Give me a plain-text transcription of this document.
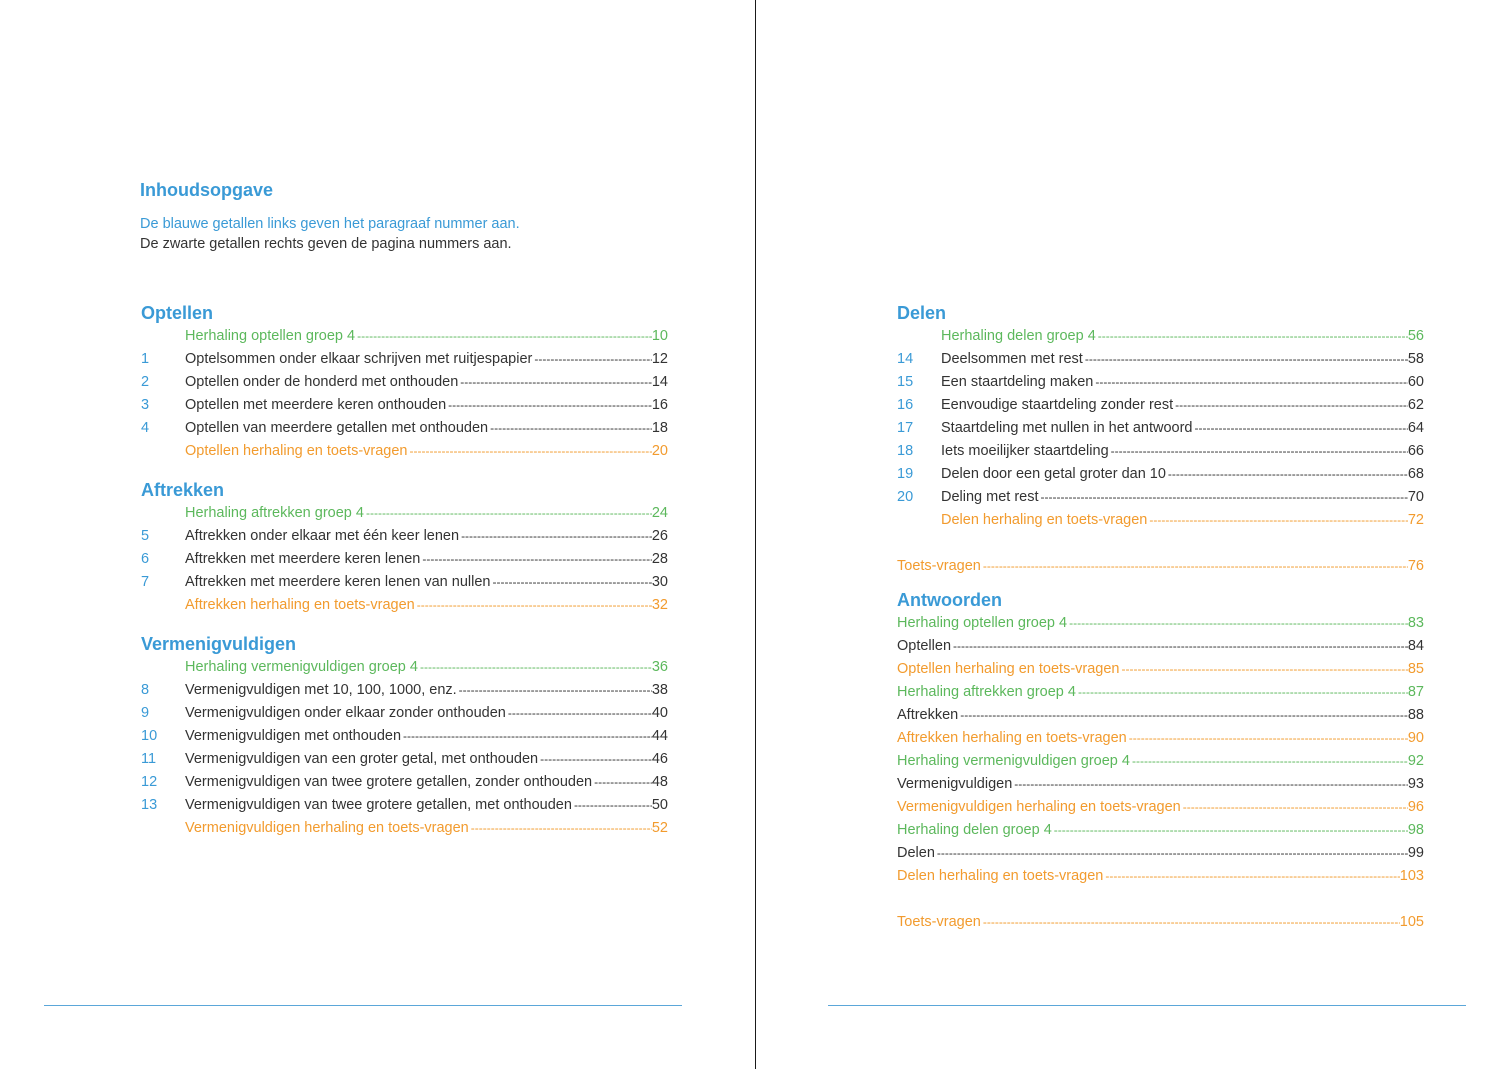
Inhoudsopgave
De blauwe getallen links geven het paragraaf nummer aan.
De zwarte getallen rechts geven de pagina nummers aan.
Optellen
Herhaling optellen groep 4 -----	10
1	Optelsommen onder elkaar schrijven met ruitjespapier -----	12
2	Optellen onder de honderd met onthouden -----	14
3	Optellen met meerdere keren onthouden -----	16
4	Optellen van meerdere getallen met onthouden -----	18
Optellen herhaling en toets-vragen -----	20
Aftrekken
Herhaling aftrekken groep 4 -----	24
5	Aftrekken onder elkaar met één keer lenen -----	26
6	Aftrekken met meerdere keren lenen -----	28
7	Aftrekken met meerdere keren lenen van nullen -----	30
Aftrekken herhaling en toets-vragen -----	32
Vermenigvuldigen
Herhaling vermenigvuldigen groep 4 -----	36
8	Vermenigvuldigen met 10, 100, 1000, enz. -----	38
9	Vermenigvuldigen onder elkaar zonder onthouden -----	40
10	Vermenigvuldigen met onthouden -----	44
11	Vermenigvuldigen van een groter getal, met onthouden -----	46
12	Vermenigvuldigen van twee grotere getallen, zonder onthouden -----	48
13	Vermenigvuldigen van twee grotere getallen, met onthouden -----	50
Vermenigvuldigen herhaling en toets-vragen -----	52
Delen
Herhaling delen groep 4 -----	56
14	Deelsommen met rest -----	58
15	Een staartdeling maken -----	60
16	Eenvoudige staartdeling zonder rest -----	62
17	Staartdeling met nullen in het antwoord -----	64
18	Iets moeilijker staartdeling -----	66
19	Delen door een getal groter dan 10 -----	68
20	Deling met rest -----	70
Delen herhaling en toets-vragen -----	72
Toets-vragen -----	76
Antwoorden
Herhaling optellen groep 4 -----	83
Optellen -----	84
Optellen herhaling en toets-vragen -----	85
Herhaling aftrekken groep 4 -----	87
Aftrekken -----	88
Aftrekken herhaling en toets-vragen -----	90
Herhaling vermenigvuldigen groep 4 -----	92
Vermenigvuldigen -----	93
Vermenigvuldigen herhaling en toets-vragen -----	96
Herhaling delen groep 4 -----	98
Delen -----	99
Delen herhaling en toets-vragen -----	103
Toets-vragen -----	105
